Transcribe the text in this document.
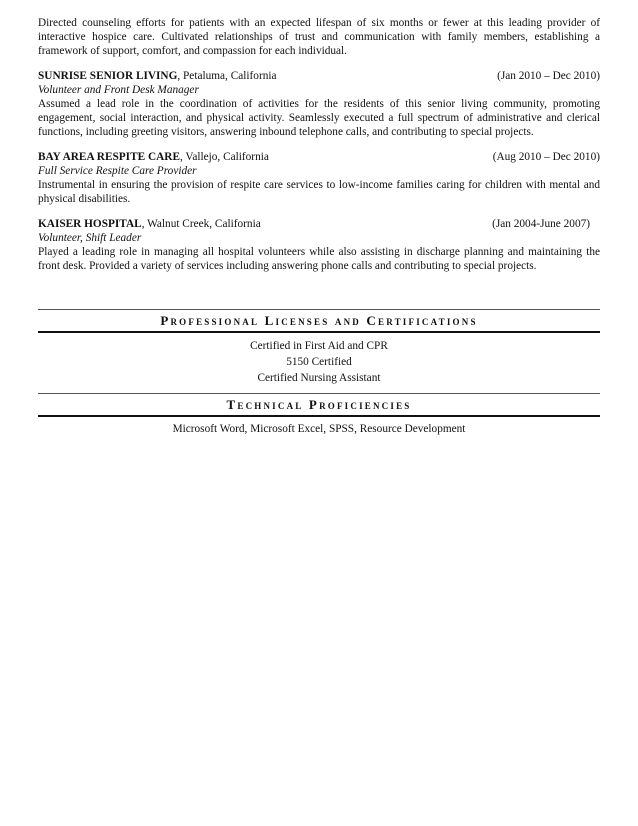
Directed counseling efforts for patients with an expected lifespan of six months or fewer at this leading provider of interactive hospice care. Cultivated relationships of trust and communication with family members, establishing a framework of support, comfort, and compassion for each individual.

SUNRISE SENIOR LIVING, Petaluma, California	(Jan 2010 – Dec 2010)

Volunteer and Front Desk Manager

Assumed a lead role in the coordination of activities for the residents of this senior living community, promoting engagement, social interaction, and physical activity. Seamlessly executed a full spectrum of administrative and clerical functions, including greeting visitors, answering inbound telephone calls, and contributing to special projects.

BAY AREA RESPITE CARE, Vallejo, California	(Aug 2010 – Dec 2010)

Full Service Respite Care Provider

Instrumental in ensuring the provision of respite care services to low-income families caring for children with mental and physical disabilities.

KAISER HOSPITAL, Walnut Creek, California	(Jan 2004-June 2007)

Volunteer, Shift Leader

Played a leading role in managing all hospital volunteers while also assisting in discharge planning and maintaining the front desk. Provided a variety of services including answering phone calls and contributing to special projects.

Professional Licenses and Certifications
Certified in First Aid and CPR
5150 Certified
Certified Nursing Assistant
Technical Proficiencies
Microsoft Word, Microsoft Excel, SPSS, Resource Development
